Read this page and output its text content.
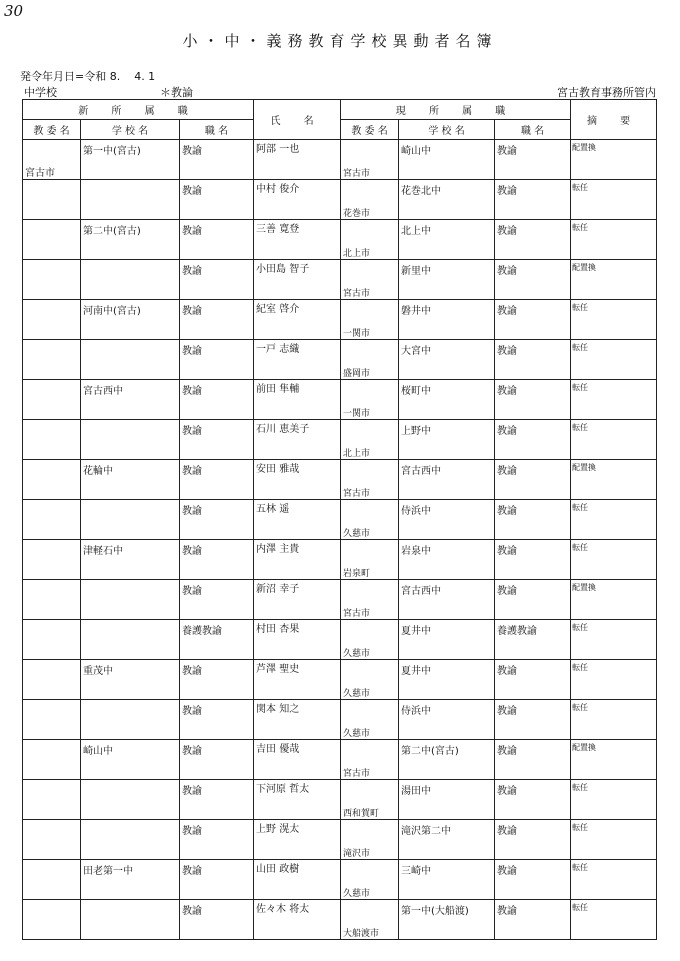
30
小・中・義務教育学校異動者名簿
発令年月日=令和 8.    4. 1
中学校	＊教論	宮古教育事務所管内
新 所 属 職			氏 名	現 所 属 職			摘 要
教 委 名	学 校 名	職 名		教 委 名	学 校 名	職 名	

宮古市	第一中(宮古)	教諭	阿部 一也	宮古市	崎山中	教諭	配置換

		教諭	中村 俊介	花巻市	花巻北中	教諭	転任

	第二中(宮古)	教諭	三善 寛登	北上市	北上中	教諭	転任

		教諭	小田島 智子	宮古市	新里中	教諭	配置換

	河南中(宮古)	教諭	紀室 啓介	一関市	磐井中	教諭	転任

		教諭	一戸 志織	盛岡市	大宮中	教諭	転任

	宮古西中	教諭	前田 隼輔	一関市	桜町中	教諭	転任

		教諭	石川 恵美子	北上市	上野中	教諭	転任

	花輪中	教諭	安田 雅哉	宮古市	宮古西中	教諭	配置換

		教諭	五林 遥	久慈市	侍浜中	教諭	転任

	津軽石中	教諭	内澤 主貴	岩泉町	岩泉中	教諭	転任

		教諭	新沼 幸子	宮古市	宮古西中	教諭	配置換

		養護教諭	村田 杏果	久慈市	夏井中	養護教諭	転任

	重茂中	教諭	芦澤 聖史	久慈市	夏井中	教諭	転任

		教諭	関本 知之	久慈市	侍浜中	教諭	転任

	崎山中	教諭	吉田 優哉	宮古市	第二中(宮古)	教諭	配置換

		教諭	下河原 哲太	西和賀町	湯田中	教諭	転任

		教諭	上野 滉太	滝沢市	滝沢第二中	教諭	転任

	田老第一中	教諭	山田 政樹	久慈市	三崎中	教諭	転任

		教諭	佐々木 将太	大船渡市	第一中(大船渡)	教諭	転任
